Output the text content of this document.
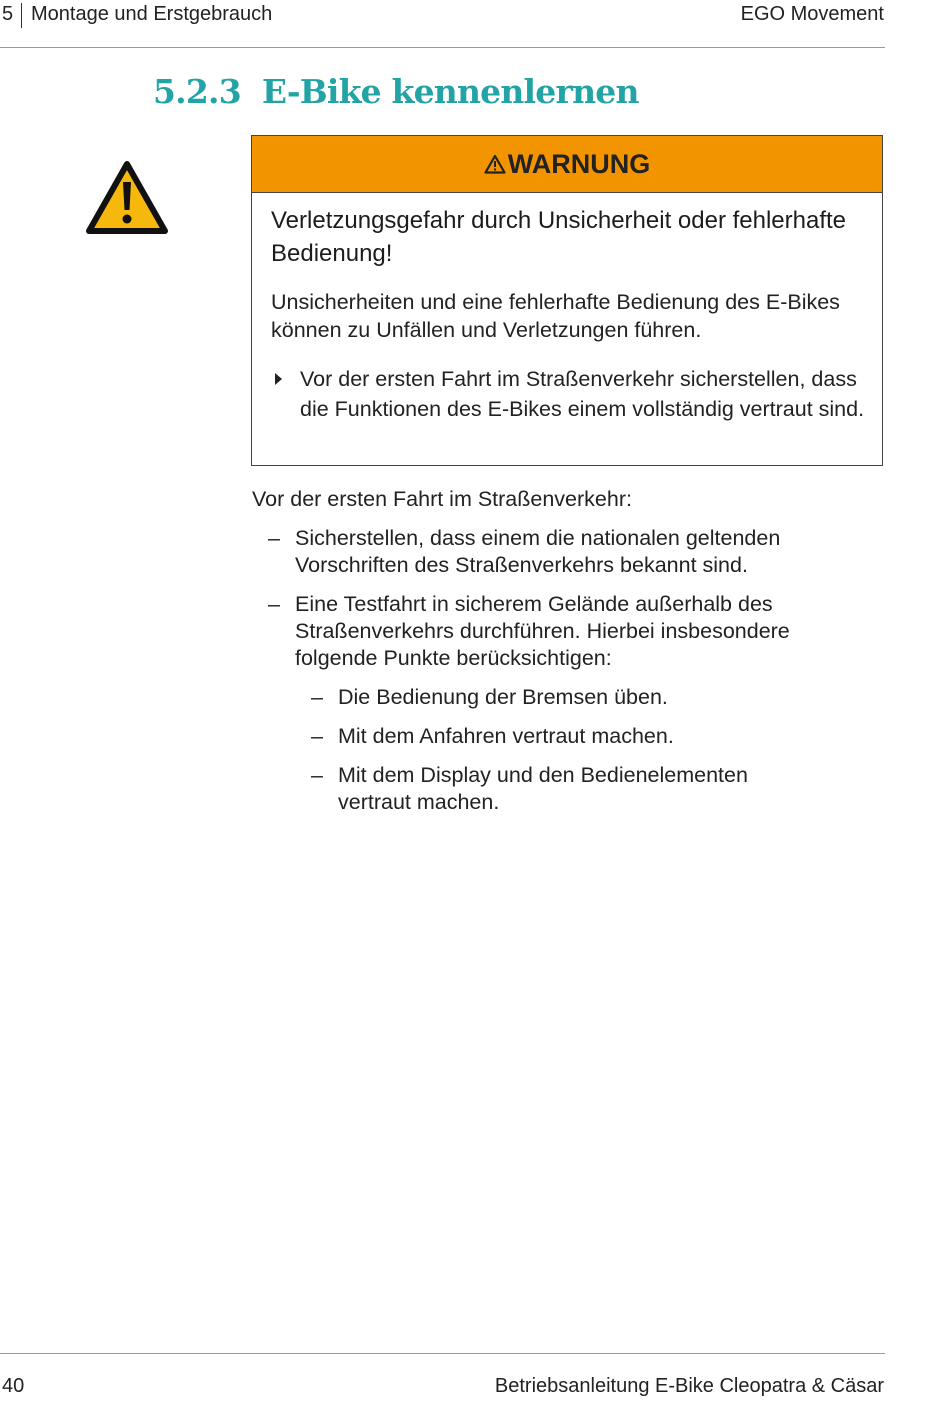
5 Montage und Erstgebrauch	EGO Movement
5.2.3 E-Bike kennenlernen
WARNUNG
Verletzungsgefahr durch Unsicherheit oder fehlerhafte Bedienung!
Unsicherheiten und eine fehlerhafte Bedienung des E-Bikes können zu Unfällen und Verletzungen führen.
Vor der ersten Fahrt im Straßenverkehr sicherstellen, dass die Funktionen des E-Bikes einem vollständig vertraut sind.
Vor der ersten Fahrt im Straßenverkehr:
– Sicherstellen, dass einem die nationalen geltenden Vorschriften des Straßenverkehrs bekannt sind.
– Eine Testfahrt in sicherem Gelände außerhalb des Straßenverkehrs durchführen. Hierbei insbesondere folgende Punkte berücksichtigen:
– Die Bedienung der Bremsen üben.
– Mit dem Anfahren vertraut machen.
– Mit dem Display und den Bedienelementen vertraut machen.
40	Betriebsanleitung E-Bike Cleopatra & Cäsar
